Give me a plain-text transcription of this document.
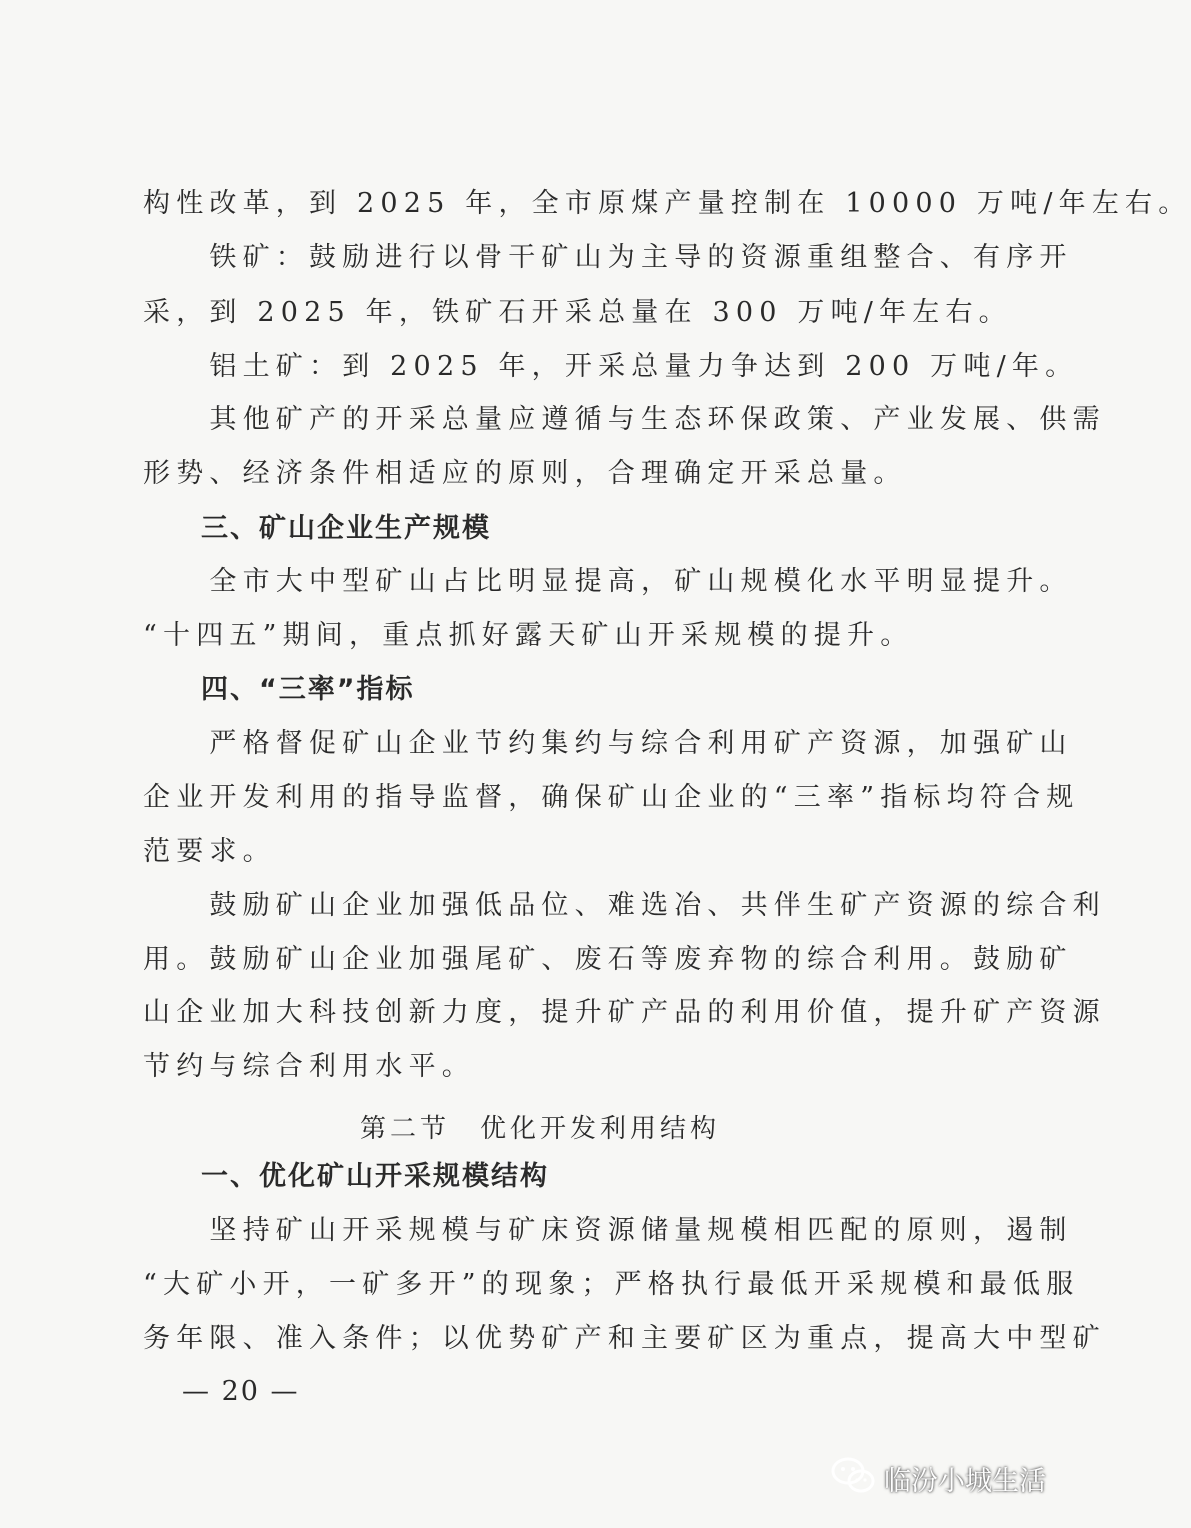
构性改革，到 2025 年，全市原煤产量控制在 10000 万吨/年左右。

　　铁矿：鼓励进行以骨干矿山为主导的资源重组整合、有序开

采，到 2025 年，铁矿石开采总量在 300 万吨/年左右。

　　铝土矿：到 2025 年，开采总量力争达到 200 万吨/年。

　　其他矿产的开采总量应遵循与生态环保政策、产业发展、供需

形势、经济条件相适应的原则，合理确定开采总量。

　　三、矿山企业生产规模

　　全市大中型矿山占比明显提高，矿山规模化水平明显提升。

“十四五”期间，重点抓好露天矿山开采规模的提升。

　　四、“三率”指标

　　严格督促矿山企业节约集约与综合利用矿产资源，加强矿山

企业开发利用的指导监督，确保矿山企业的“三率”指标均符合规

范要求。

　　鼓励矿山企业加强低品位、难选冶、共伴生矿产资源的综合利

用。鼓励矿山企业加强尾矿、废石等废弃物的综合利用。鼓励矿

山企业加大科技创新力度，提升矿产品的利用价值，提升矿产资源

节约与综合利用水平。

第二节　优化开发利用结构

　　一、优化矿山开采规模结构

　　坚持矿山开采规模与矿床资源储量规模相匹配的原则，遏制

“大矿小开，一矿多开”的现象；严格执行最低开采规模和最低服

务年限、准入条件；以优势矿产和主要矿区为重点，提高大中型矿

— 20 —
临汾小城生活
